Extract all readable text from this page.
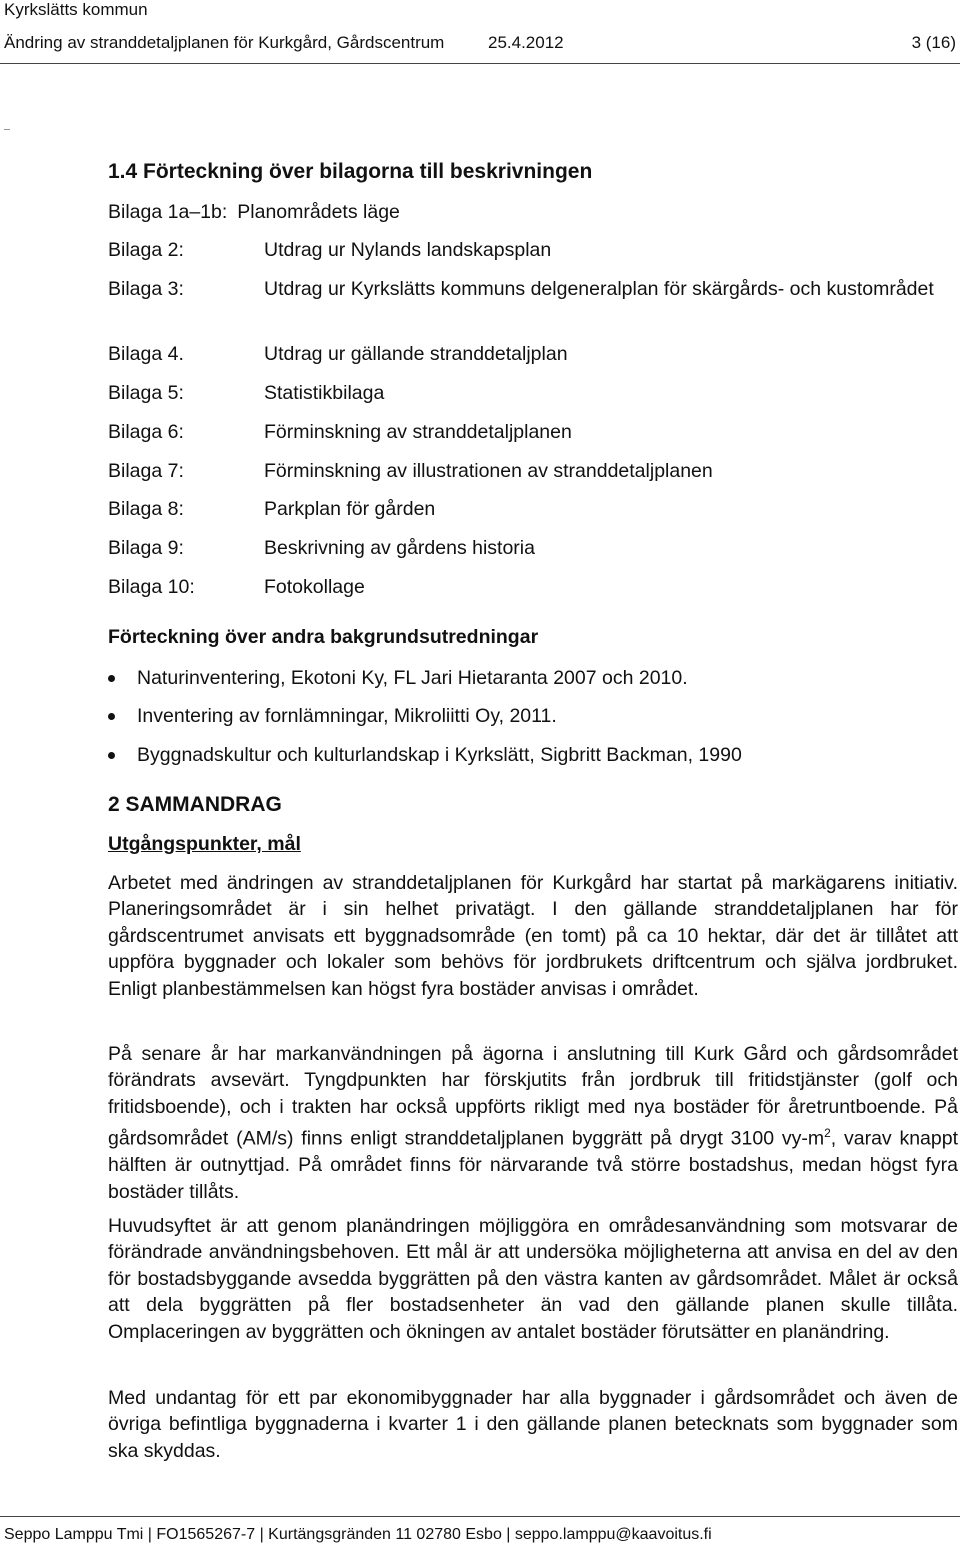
Kyrkslätts kommun
Ändring av stranddetaljplanen för Kurkgård, Gårdscentrum	25.4.2012	3 (16)
1.4 Förteckning över bilagorna till beskrivningen
Bilaga 1a–1b: Planområdets läge
Bilaga 2:	Utdrag ur Nylands landskapsplan
Bilaga 3:	Utdrag ur Kyrkslätts kommuns delgeneralplan för skärgårds- och kustområdet
Bilaga 4.	Utdrag ur gällande stranddetaljplan
Bilaga 5:	Statistikbilaga
Bilaga 6:	Förminskning av stranddetaljplanen
Bilaga 7:	Förminskning av illustrationen av stranddetaljplanen
Bilaga 8:	Parkplan för gården
Bilaga 9:	Beskrivning av gårdens historia
Bilaga 10:	Fotokollage
Förteckning över andra bakgrundsutredningar
Naturinventering, Ekotoni Ky, FL Jari Hietaranta 2007 och 2010.
Inventering av fornlämningar, Mikroliitti Oy, 2011.
Byggnadskultur och kulturlandskap i Kyrkslätt, Sigbritt Backman, 1990
2 SAMMANDRAG
Utgångspunkter, mål

Arbetet med ändringen av stranddetaljplanen för Kurkgård har startat på markägarens initiativ. Planeringsområdet är i sin helhet privatägt. I den gällande stranddetaljplanen har för gårdscentrumet anvisats ett byggnadsområde (en tomt) på ca 10 hektar, där det är tillåtet att uppföra byggnader och lokaler som behövs för jordbrukets driftcentrum och själva jordbruket. Enligt planbestämmelsen kan högst fyra bostäder anvisas i området.

På senare år har markanvändningen på ägorna i anslutning till Kurk Gård och gårdsområdet förändrats avsevärt. Tyngdpunkten har förskjutits från jordbruk till fritidstjänster (golf och fritidsboende), och i trakten har också uppförts rikligt med nya bostäder för åretruntboende. På gårdsområdet (AM/s) finns enligt stranddetaljplanen byggrätt på drygt 3100 $vy-m^2$, varav knappt hälften är outnyttjad. På området finns för närvarande två större bostadshus, medan högst fyra bostäder tillåts.

Huvudsyftet är att genom planändringen möjliggöra en områdesanvändning som motsvarar de förändrade användningsbehoven. Ett mål är att undersöka möjligheterna att anvisa en del av den för bostadsbyggande avsedda byggrätten på den västra kanten av gårdsområdet. Målet är också att dela byggrätten på fler bostadsenheter än vad den gällande planen skulle tillåta. Omplaceringen av byggrätten och ökningen av antalet bostäder förutsätter en planändring.

Med undantag för ett par ekonomibyggnader har alla byggnader i gårdsområdet och även de övriga befintliga byggnaderna i kvarter 1 i den gällande planen betecknats som byggnader som ska skyddas.

Seppo Lamppu Tmi | FO1565267-7 | Kurtängsgränden 11 02780 Esbo | seppo.lamppu@kaavoitus.fi
